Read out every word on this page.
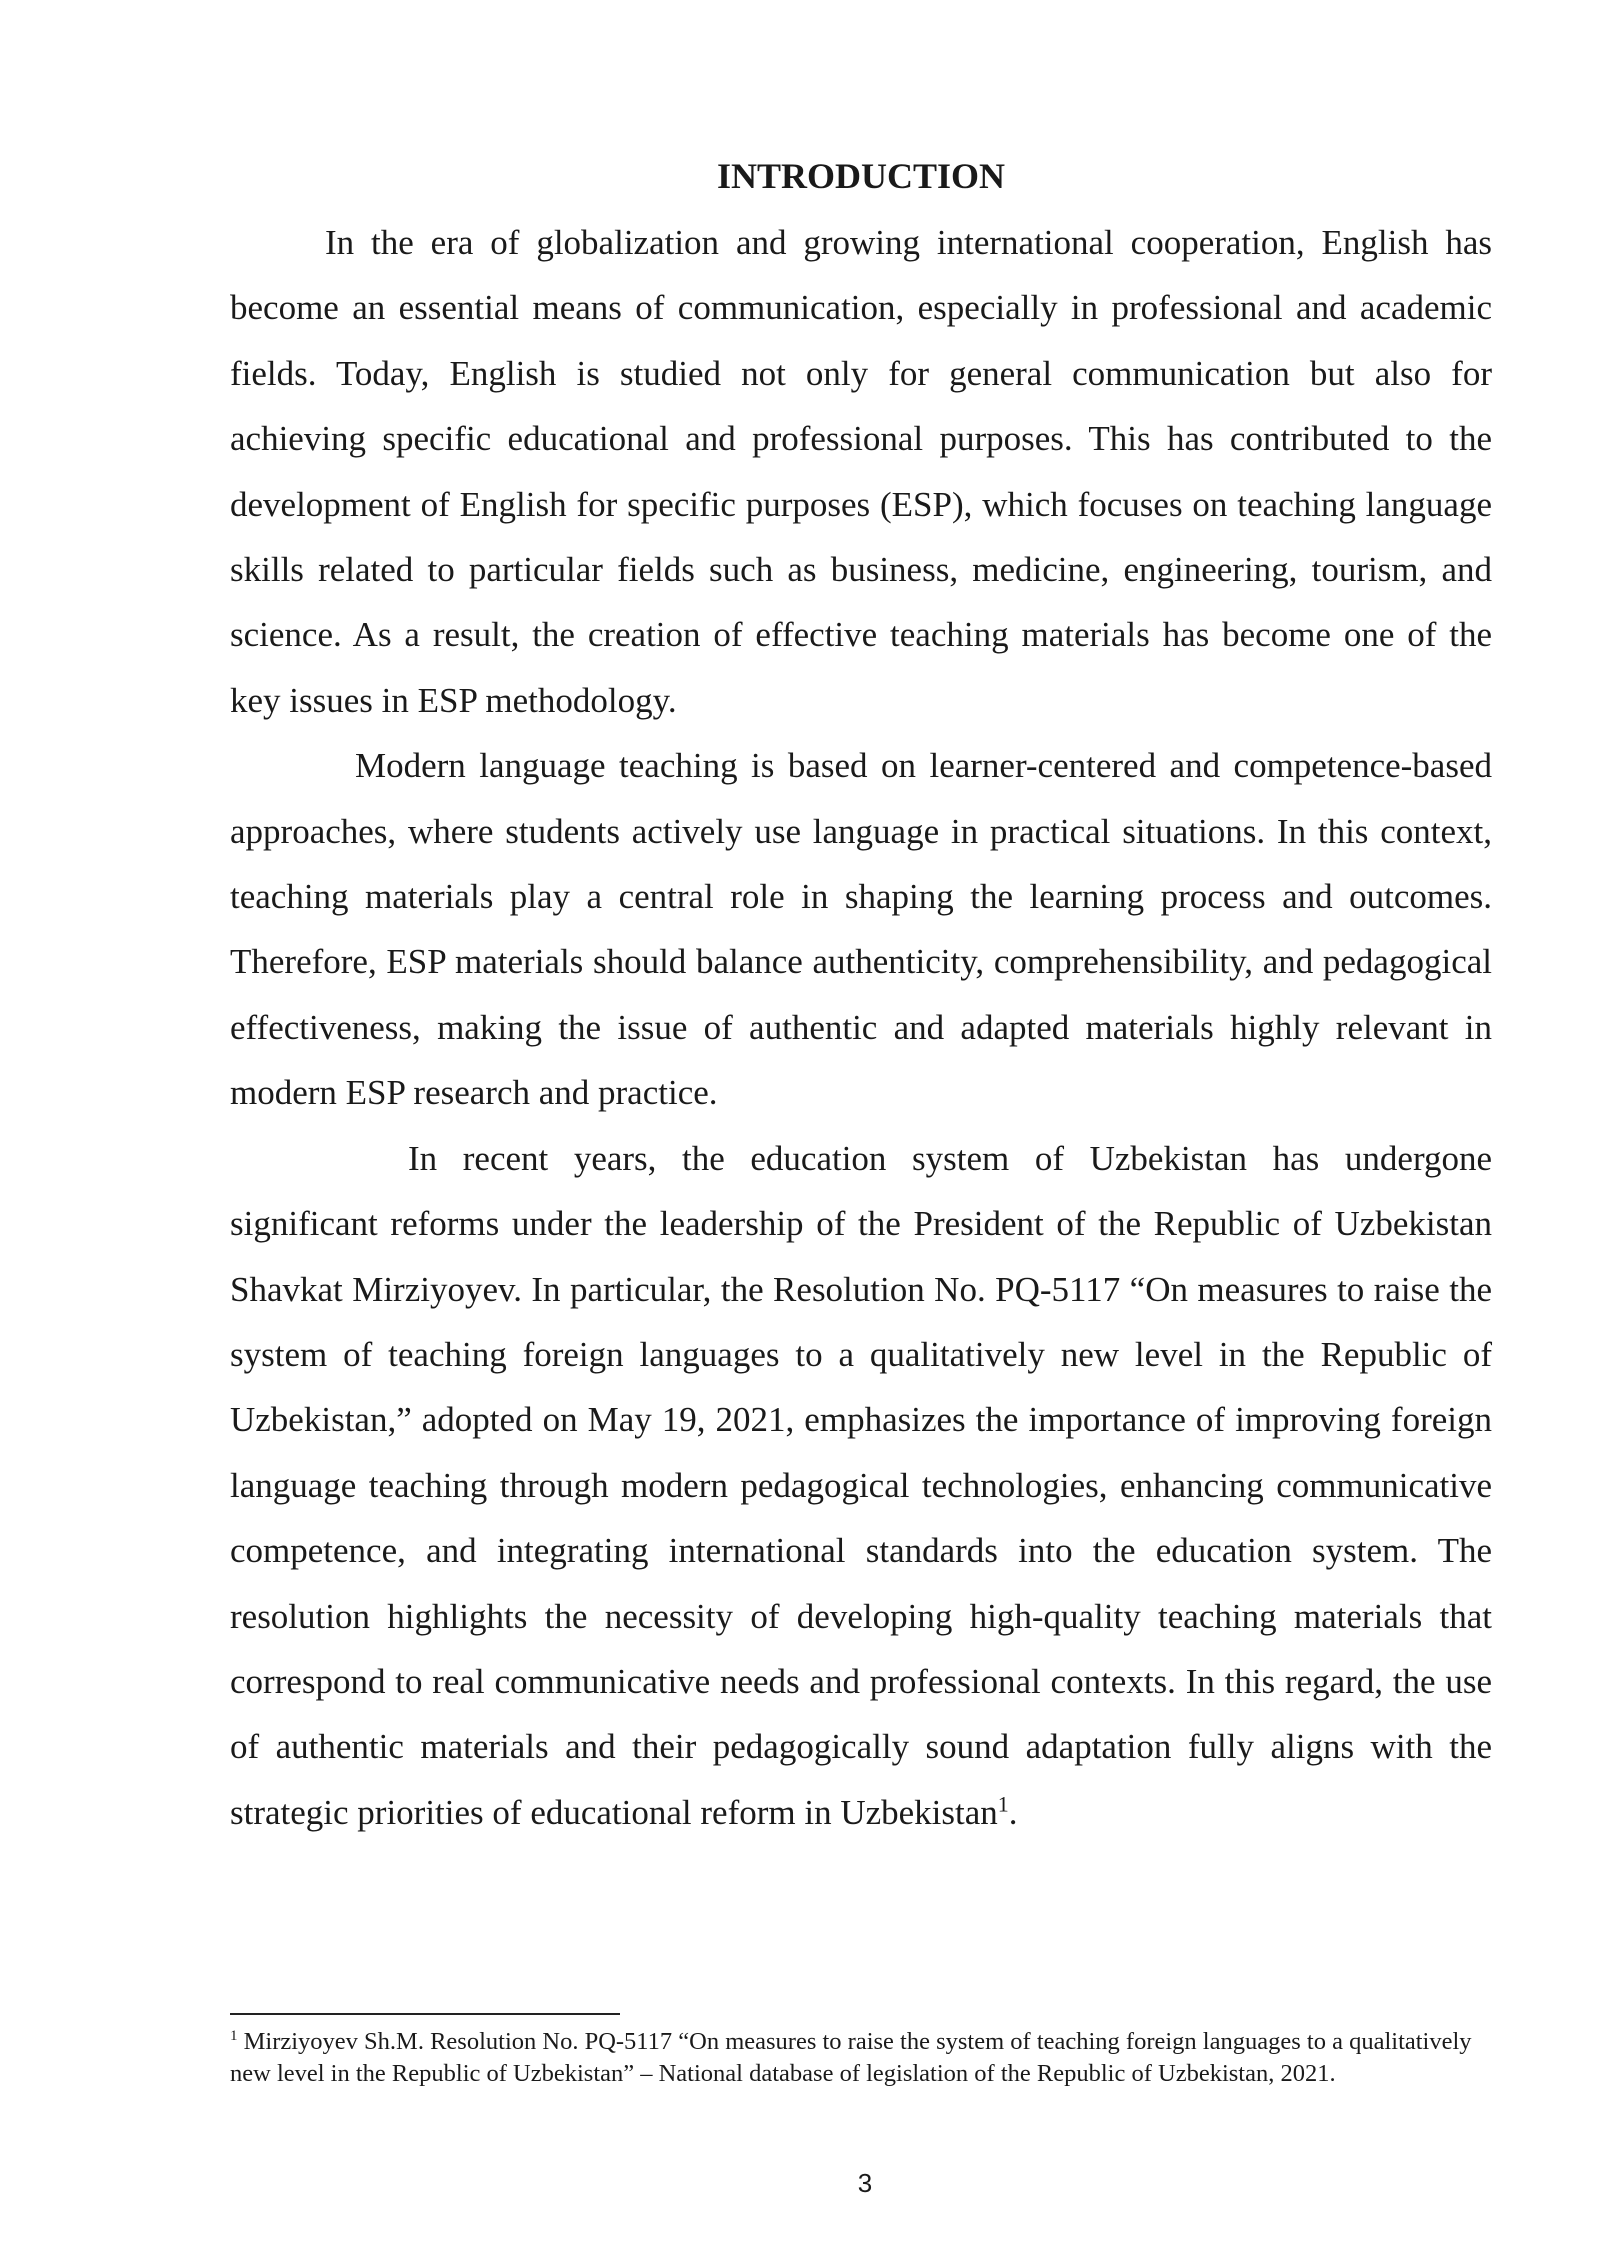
INTRODUCTION

In the era of globalization and growing international cooperation, English has become an essential means of communication, especially in professional and academic fields. Today, English is studied not only for general communication but also for achieving specific educational and professional purposes. This has contributed to the development of English for specific purposes (ESP), which focuses on teaching language skills related to particular fields such as business, medicine, engineering, tourism, and science. As a result, the creation of effective teaching materials has become one of the key issues in ESP methodology.

Modern language teaching is based on learner-centered and competence-based approaches, where students actively use language in practical situations. In this context, teaching materials play a central role in shaping the learning process and outcomes. Therefore, ESP materials should balance authenticity, comprehensibility, and pedagogical effectiveness, making the issue of authentic and adapted materials highly relevant in modern ESP research and practice.

In recent years, the education system of Uzbekistan has undergone significant reforms under the leadership of the President of the Republic of Uzbekistan Shavkat Mirziyoyev. In particular, the Resolution No. PQ-5117 “On measures to raise the system of teaching foreign languages to a qualitatively new level in the Republic of Uzbekistan,” adopted on May 19, 2021, emphasizes the importance of improving foreign language teaching through modern pedagogical technologies, enhancing communicative competence, and integrating international standards into the education system. The resolution highlights the necessity of developing high-quality teaching materials that correspond to real communicative needs and professional contexts. In this regard, the use of authentic materials and their pedagogically sound adaptation fully aligns with the strategic priorities of educational reform in Uzbekistan$^1$.

$^1$ Mirziyoyev Sh.M. Resolution No. PQ-5117 “On measures to raise the system of teaching foreign languages to a qualitatively new level in the Republic of Uzbekistan” – National database of legislation of the Republic of Uzbekistan, 2021.

3
